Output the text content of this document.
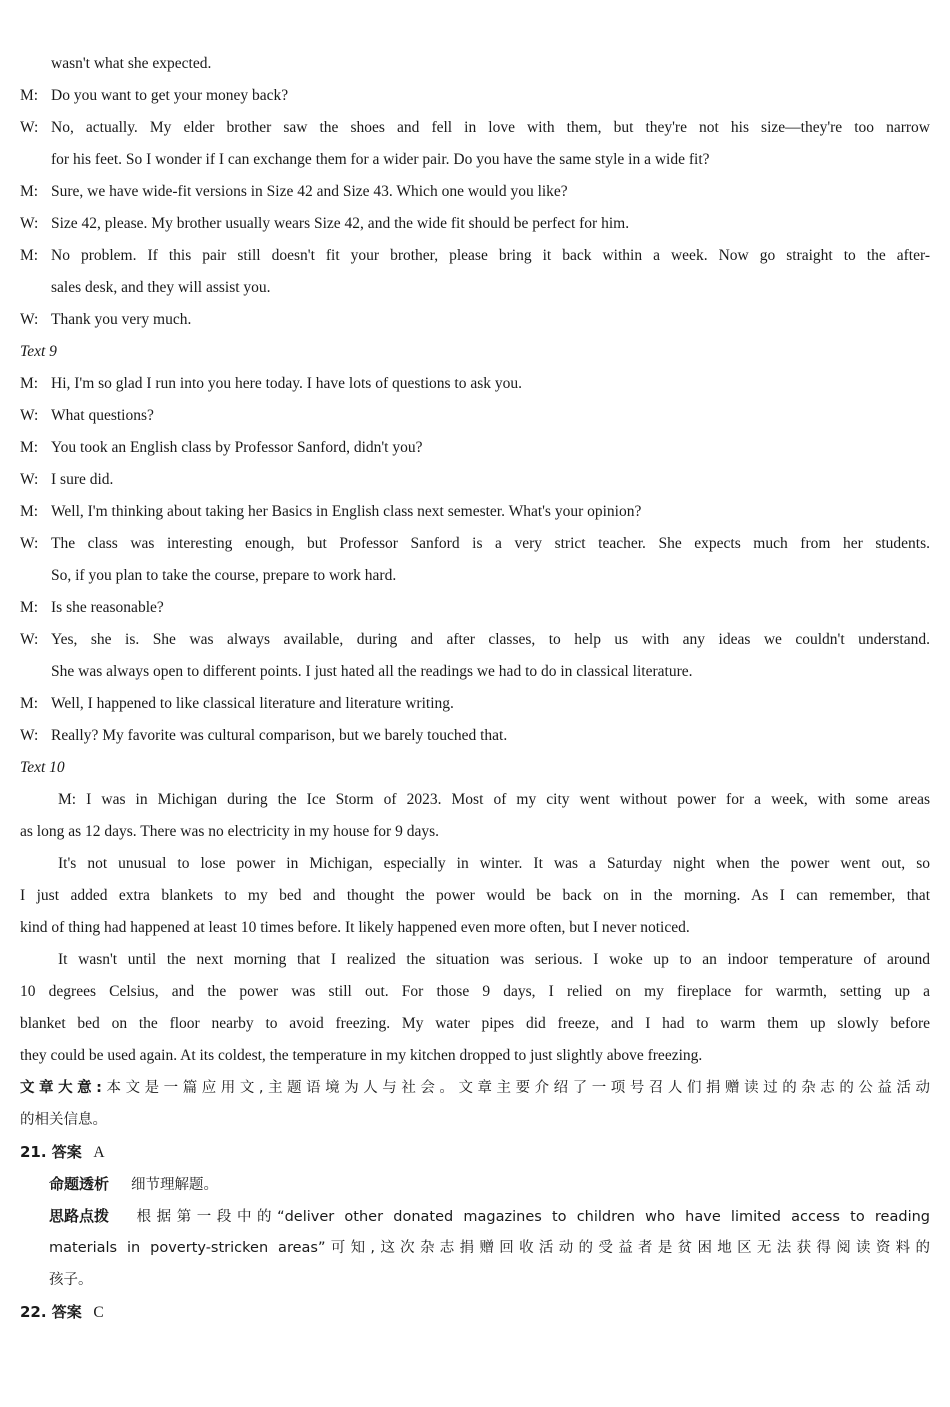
wasn't what she expected.
M: Do you want to get your money back?
W: No, actually. My elder brother saw the shoes and fell in love with them, but they're not his size—they're too narrow
for his feet. So I wonder if I can exchange them for a wider pair. Do you have the same style in a wide fit?
M: Sure, we have wide-fit versions in Size 42 and Size 43. Which one would you like?
W: Size 42, please. My brother usually wears Size 42, and the wide fit should be perfect for him.
M: No problem. If this pair still doesn't fit your brother, please bring it back within a week. Now go straight to the after-
sales desk, and they will assist you.
W: Thank you very much.
Text 9
M: Hi, I'm so glad I run into you here today. I have lots of questions to ask you.
W: What questions?
M: You took an English class by Professor Sanford, didn't you?
W: I sure did.
M: Well, I'm thinking about taking her Basics in English class next semester. What's your opinion?
W: The class was interesting enough, but Professor Sanford is a very strict teacher. She expects much from her students.
So, if you plan to take the course, prepare to work hard.
M: Is she reasonable?
W: Yes, she is. She was always available, during and after classes, to help us with any ideas we couldn't understand.
She was always open to different points. I just hated all the readings we had to do in classical literature.
M: Well, I happened to like classical literature and literature writing.
W: Really? My favorite was cultural comparison, but we barely touched that.
Text 10
M: I was in Michigan during the Ice Storm of 2023. Most of my city went without power for a week, with some areas
as long as 12 days. There was no electricity in my house for 9 days.
It's not unusual to lose power in Michigan, especially in winter. It was a Saturday night when the power went out, so
I just added extra blankets to my bed and thought the power would be back on in the morning. As I can remember, that
kind of thing had happened at least 10 times before. It likely happened even more often, but I never noticed.
It wasn't until the next morning that I realized the situation was serious. I woke up to an indoor temperature of around
10 degrees Celsius, and the power was still out. For those 9 days, I relied on my fireplace for warmth, setting up a
blanket bed on the floor nearby to avoid freezing. My water pipes did freeze, and I had to warm them up slowly before
they could be used again. At its coldest, the temperature in my kitchen dropped to just slightly above freezing.
文章大意:本文是一篇应用文,主题语境为人与社会。文章主要介绍了一项号召人们捐赠读过的杂志的公益活动
的相关信息。
21. 答案 A
命题透析 细节理解题。
思路点拨 根据第一段中的“deliver other donated magazines to children who have limited access to reading
materials in poverty-stricken areas”可知,这次杂志捐赠回收活动的受益者是贫困地区无法获得阅读资料的
孩子。
22. 答案 C
